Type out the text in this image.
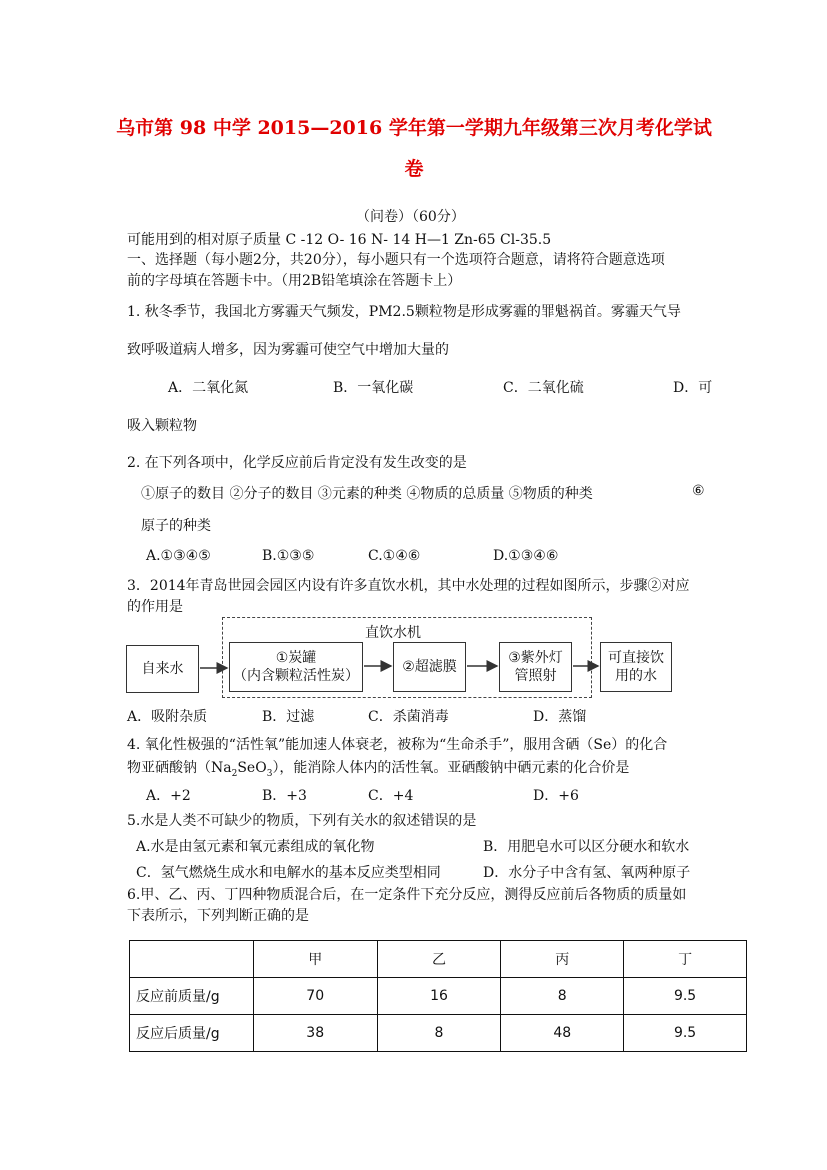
乌市第 98 中学 2015—2016 学年第一学期九年级第三次月考化学试
卷
（问卷）（60分）
可能用到的相对原子质量 C -12 O- 16 N- 14 H—1 Zn-65 Cl-35.5
一、选择题（每小题2分，共20分），每小题只有一个选项符合题意，请将符合题意选项
前的字母填在答题卡中。（用2B铅笔填涂在答题卡上）
1. 秋冬季节，我国北方雾霾天气频发，PM2.5颗粒物是形成雾霾的罪魁祸首。雾霾天气导
致呼吸道病人增多，因为雾霾可使空气中增加大量的
A．二氧化氮	B．一氧化碳	C．二氧化硫	D．可
吸入颗粒物
2. 在下列各项中，化学反应前后肯定没有发生改变的是
①原子的数目 ②分子的数目 ③元素的种类 ④物质的总质量 ⑤物质的种类	⑥
原子的种类
A.①③④⑤	B.①③⑤	C.①④⑥	D.①③④⑥
3．2014年青岛世园会园区内设有许多直饮水机，其中水处理的过程如图所示，步骤②对应
的作用是
直饮水机
自来水
①炭罐
（内含颗粒活性炭）
②超滤膜
③紫外灯
管照射
可直接饮
用的水
A．吸附杂质	B．过滤	C．杀菌消毒	D．蒸馏
4. 氧化性极强的“活性氧”能加速人体衰老，被称为“生命杀手”，服用含硒（Se）的化合
物亚硒酸钠$(Na_2SeO_3)$，能消除人体内的活性氧。亚硒酸钠中硒元素的化合价是
A．+2	B．+3	C．+4	D．+6
5.水是人类不可缺少的物质，下列有关水的叙述错误的是
A.水是由氢元素和氧元素组成的氧化物	B．用肥皂水可以区分硬水和软水
C．氢气燃烧生成水和电解水的基本反应类型相同	D．水分子中含有氢、氧两种原子
6.甲、乙、丙、丁四种物质混合后，在一定条件下充分反应，测得反应前后各物质的质量如
下表所示，下列判断正确的是
	甲	乙	丙	丁
反应前质量/g	70	16	8	9.5
反应后质量/g	38	8	48	9.5
